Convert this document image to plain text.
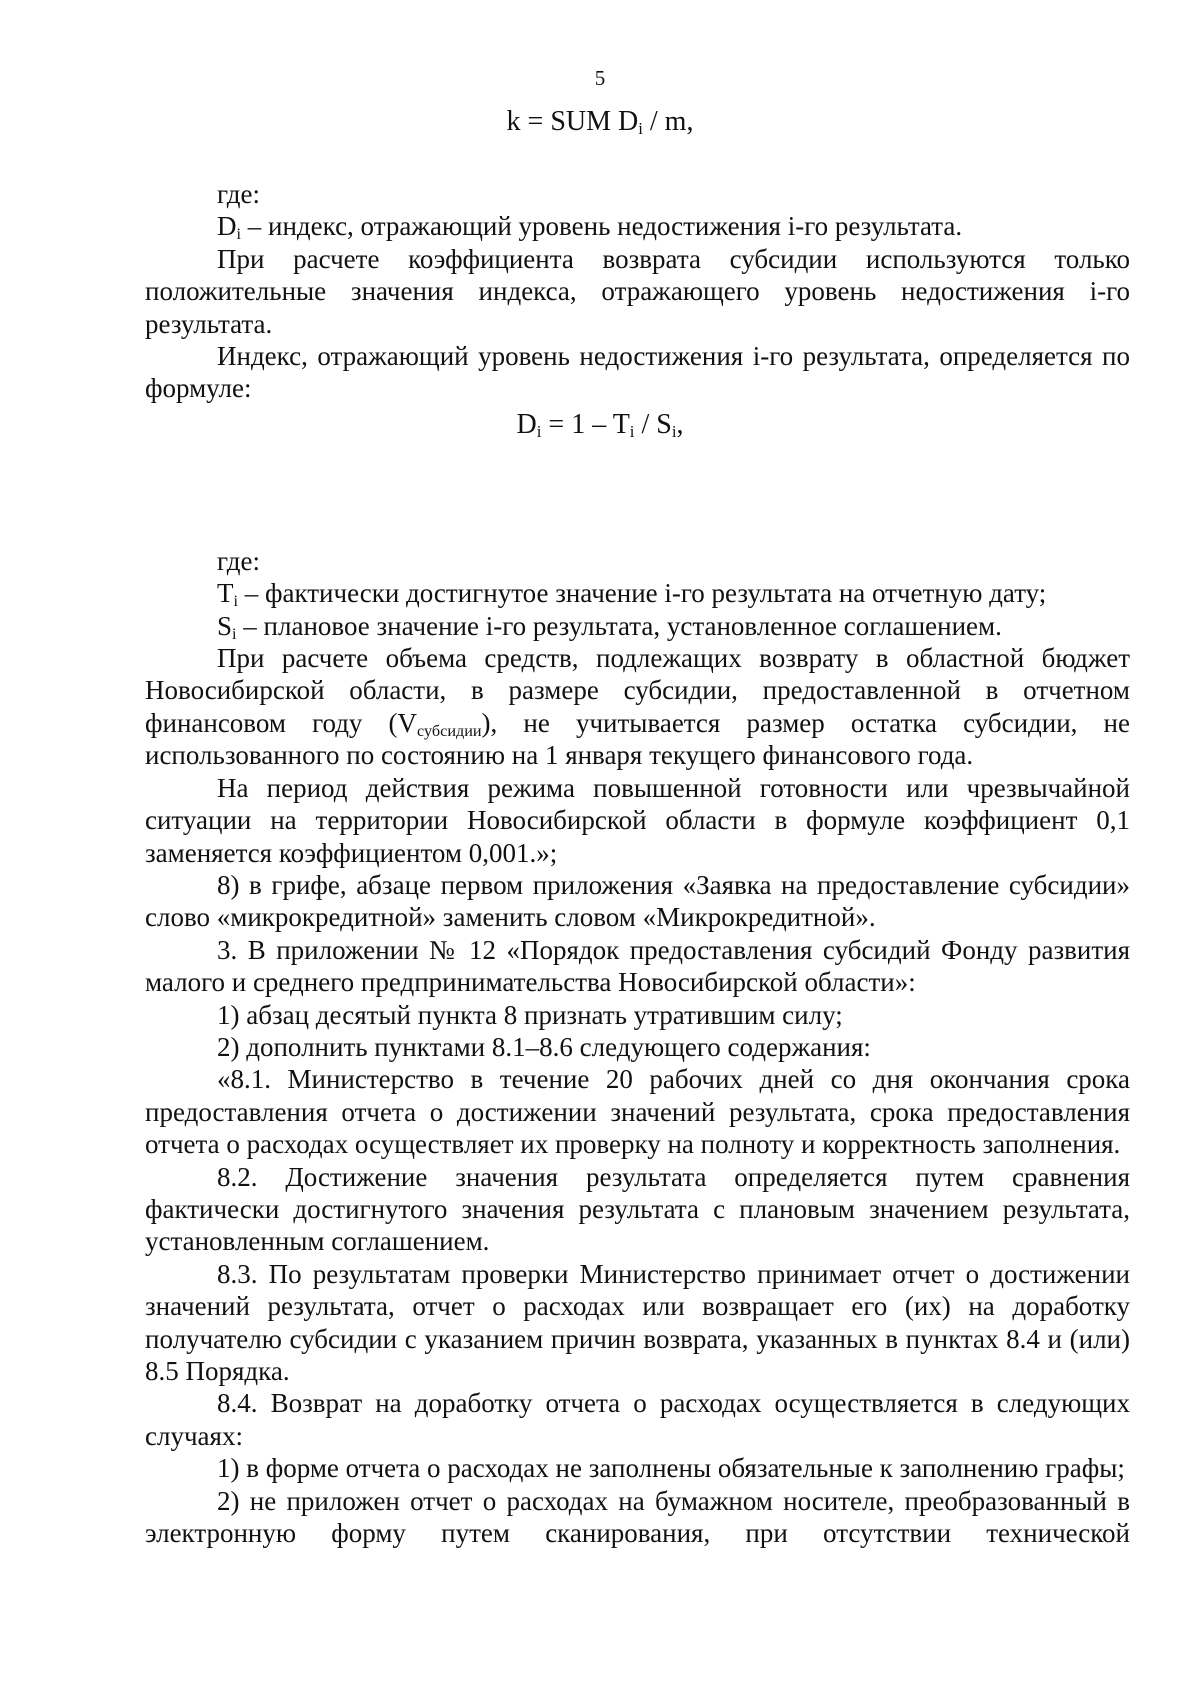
5
k = SUM $D_i$ / m,
$D_i = 1 - T_i / S_i$,

где:

$D_i$ – индекс, отражающий уровень недостижения i-го результата.

При расчете коэффициента возврата субсидии используются только положительные значения индекса, отражающего уровень недостижения i-го результата.

Индекс, отражающий уровень недостижения i-го результата, определяется по формуле:

где:

$T_i$ – фактически достигнутое значение i-го результата на отчетную дату;

$S_i$ – плановое значение i-го результата, установленное соглашением.

При расчете объема средств, подлежащих возврату в областной бюджет Новосибирской области, в размере субсидии, предоставленной в отчетном финансовом году $(V_{субсидии})$, не учитывается размер остатка субсидии, не использованного по состоянию на 1 января текущего финансового года.

На период действия режима повышенной готовности или чрезвычайной ситуации на территории Новосибирской области в формуле коэффициент 0,1 заменяется коэффициентом 0,001.»;

8) в грифе, абзаце первом приложения «Заявка на предоставление субсидии» слово «микрокредитной» заменить словом «Микрокредитной».

3. В приложении № 12 «Порядок предоставления субсидий Фонду развития малого и среднего предпринимательства Новосибирской области»:

1) абзац десятый пункта 8 признать утратившим силу;

2) дополнить пунктами 8.1–8.6 следующего содержания:

«8.1. Министерство в течение 20 рабочих дней со дня окончания срока предоставления отчета о достижении значений результата, срока предоставления отчета о расходах осуществляет их проверку на полноту и корректность заполнения.

8.2. Достижение значения результата определяется путем сравнения фактически достигнутого значения результата с плановым значением результата, установленным соглашением.

8.3. По результатам проверки Министерство принимает отчет о достижении значений результата, отчет о расходах или возвращает его (их) на доработку получателю субсидии с указанием причин возврата, указанных в пунктах 8.4 и (или) 8.5 Порядка.

8.4. Возврат на доработку отчета о расходах осуществляется в следующих случаях:

1) в форме отчета о расходах не заполнены обязательные к заполнению графы;

2) не приложен отчет о расходах на бумажном носителе, преобразованный в электронную форму путем сканирования, при отсутствии технической
